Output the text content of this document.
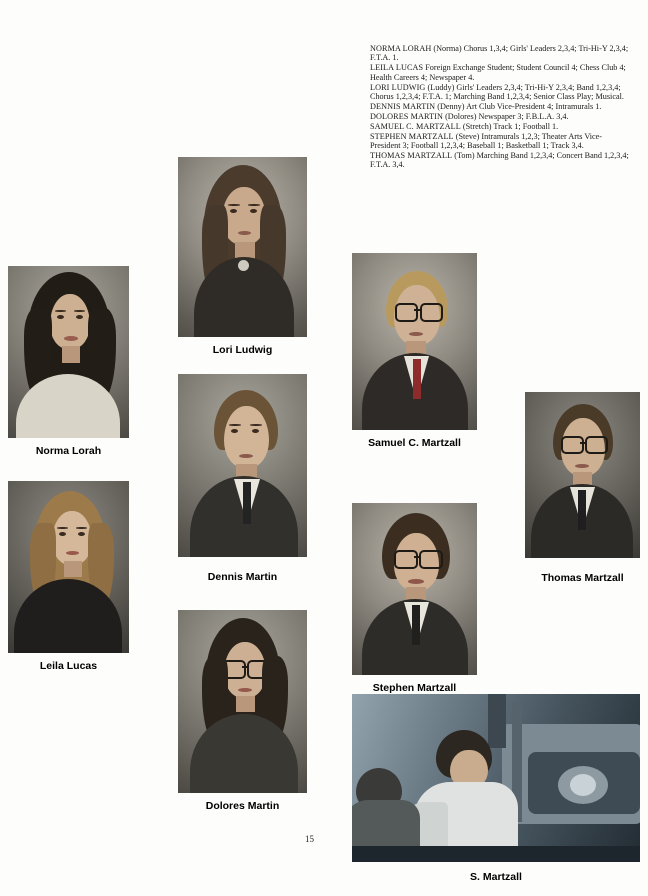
NORMA LORAH (Norma) Chorus 1,3,4; Girls' Leaders 2,3,4; Tri-Hi-Y 2,3,4; F.T.A. 1.

LEILA LUCAS Foreign Exchange Student; Student Council 4; Chess Club 4; Health Careers 4; Newspaper 4.

LORI LUDWIG (Luddy) Girls' Leaders 2,3,4; Tri-Hi-Y 2,3,4; Band 1,2,3,4; Chorus 1,2,3,4; F.T.A. 1; Marching Band 1,2,3,4; Senior Class Play; Musical.

DENNIS MARTIN (Denny) Art Club Vice-President 4; Intramurals 1.

DOLORES MARTIN (Dolores) Newspaper 3; F.B.L.A. 3,4.

SAMUEL C. MARTZALL (Stretch) Track 1; Football 1.

STEPHEN MARTZALL (Steve) Intramurals 1,2,3; Theater Arts Vice-President 3; Football 1,2,3,4; Baseball 1; Basketball 1; Track 3,4.

THOMAS MARTZALL (Tom) Marching Band 1,2,3,4; Concert Band 1,2,3,4; F.T.A. 3,4.

Lori Ludwig
Norma Lorah
Samuel C. Martzall
Dennis Martin	Thomas Martzall
Leila Lucas
Stephen Martzall
Dolores Martin
S. Martzall
15
